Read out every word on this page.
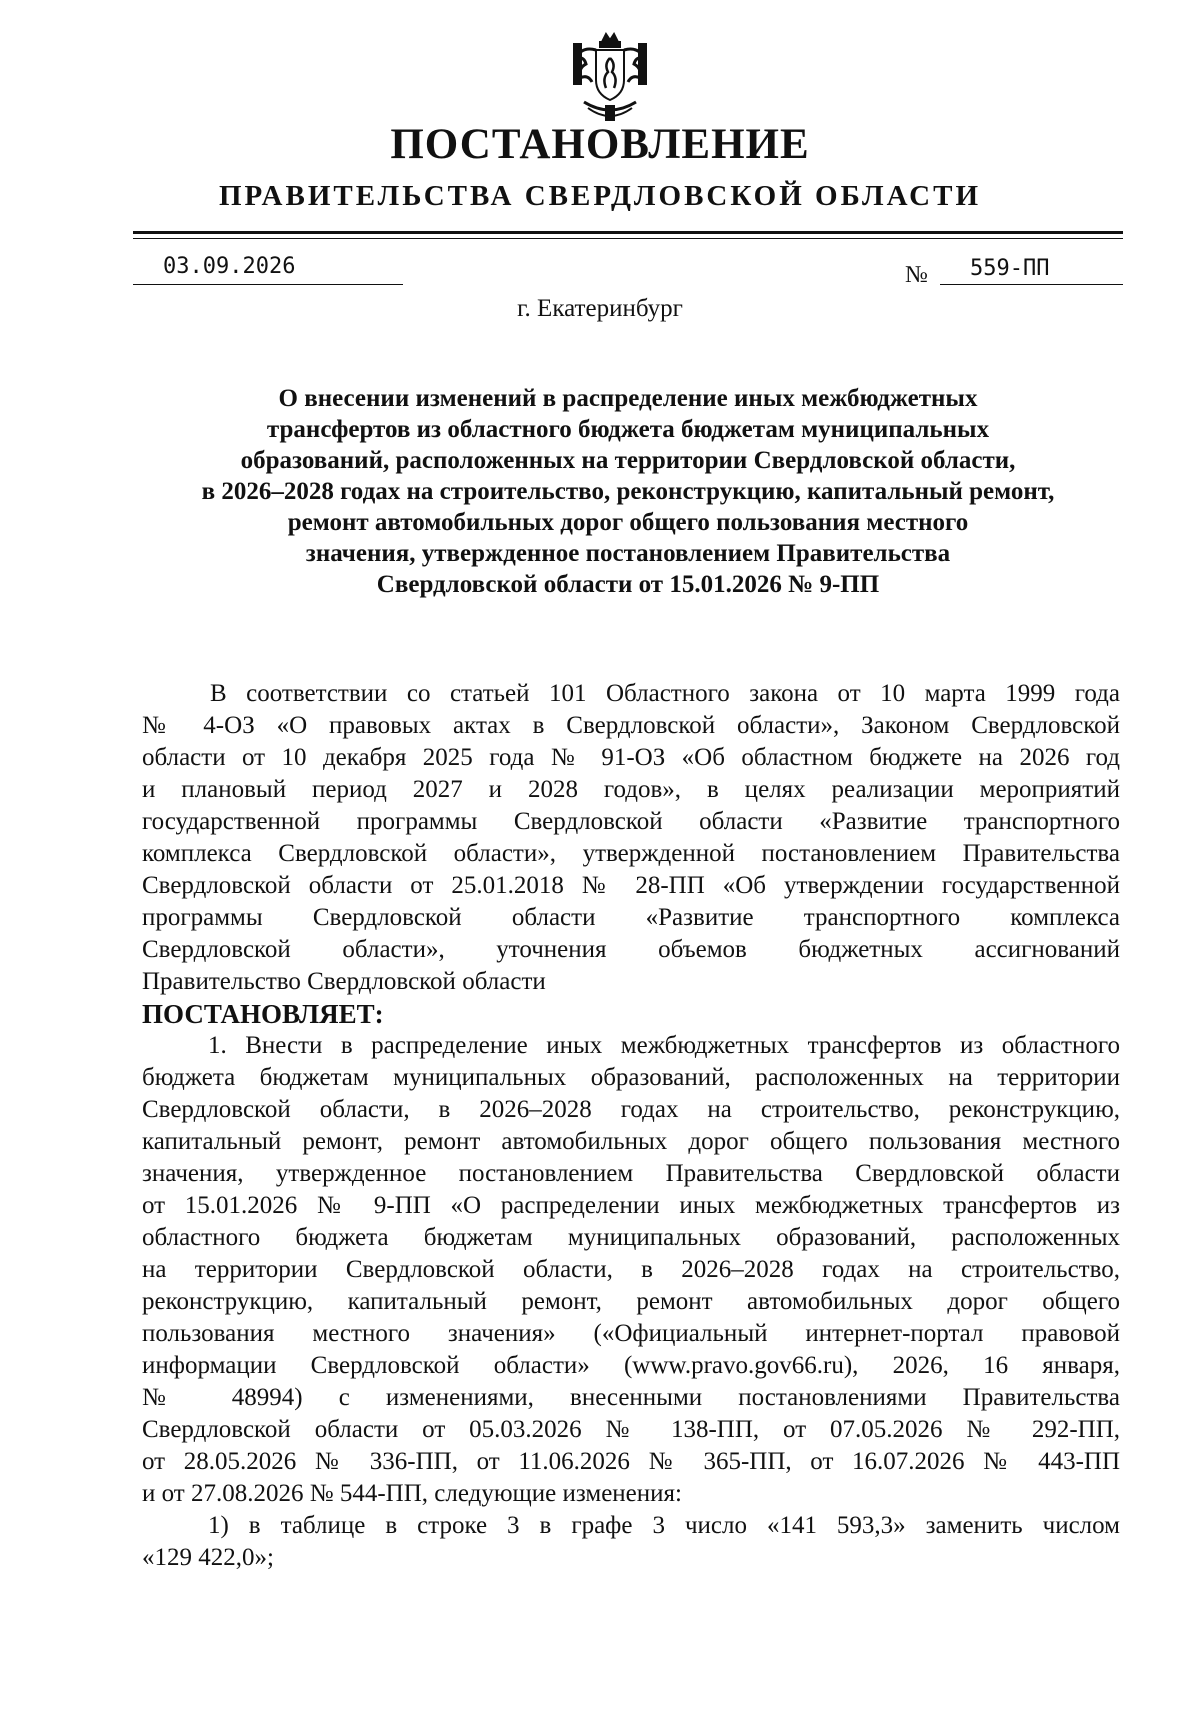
ПОСТАНОВЛЕНИЕ
ПРАВИТЕЛЬСТВА СВЕРДЛОВСКОЙ ОБЛАСТИ
03.09.2026	№	559-ПП
г. Екатеринбург
О внесении изменений в распределение иных межбюджетных
трансфертов из областного бюджета бюджетам муниципальных
образований, расположенных на территории Свердловской области,
в 2026–2028 годах на строительство, реконструкцию, капитальный ремонт,
ремонт автомобильных дорог общего пользования местного
значения, утвержденное постановлением Правительства
Свердловской области от 15.01.2026 № 9-ПП
В соответствии со статьей 101 Областного закона от 10 марта 1999 года
№ 4-ОЗ «О правовых актах в Свердловской области», Законом Свердловской
области от 10 декабря 2025 года № 91-ОЗ «Об областном бюджете на 2026 год
и плановый период 2027 и 2028 годов», в целях реализации мероприятий
государственной программы Свердловской области «Развитие транспортного
комплекса Свердловской области», утвержденной постановлением Правительства
Свердловской области от 25.01.2018 № 28-ПП «Об утверждении государственной
программы Свердловской области «Развитие транспортного комплекса
Свердловской области», уточнения объемов бюджетных ассигнований
Правительство Свердловской области
ПОСТАНОВЛЯЕТ:
1. Внести в распределение иных межбюджетных трансфертов из областного
бюджета бюджетам муниципальных образований, расположенных на территории
Свердловской области, в 2026–2028 годах на строительство, реконструкцию,
капитальный ремонт, ремонт автомобильных дорог общего пользования местного
значения, утвержденное постановлением Правительства Свердловской области
от 15.01.2026 № 9-ПП «О распределении иных межбюджетных трансфертов из
областного бюджета бюджетам муниципальных образований, расположенных
на территории Свердловской области, в 2026–2028 годах на строительство,
реконструкцию, капитальный ремонт, ремонт автомобильных дорог общего
пользования местного значения» («Официальный интернет-портал правовой
информации Свердловской области» (www.pravo.gov66.ru), 2026, 16 января,
№ 48994) с изменениями, внесенными постановлениями Правительства
Свердловской области от 05.03.2026 № 138-ПП, от 07.05.2026 № 292-ПП,
от 28.05.2026 № 336-ПП, от 11.06.2026 № 365-ПП, от 16.07.2026 № 443-ПП
и от 27.08.2026 № 544-ПП, следующие изменения:
1) в таблице в строке 3 в графе 3 число «141 593,3» заменить числом
«129 422,0»;
